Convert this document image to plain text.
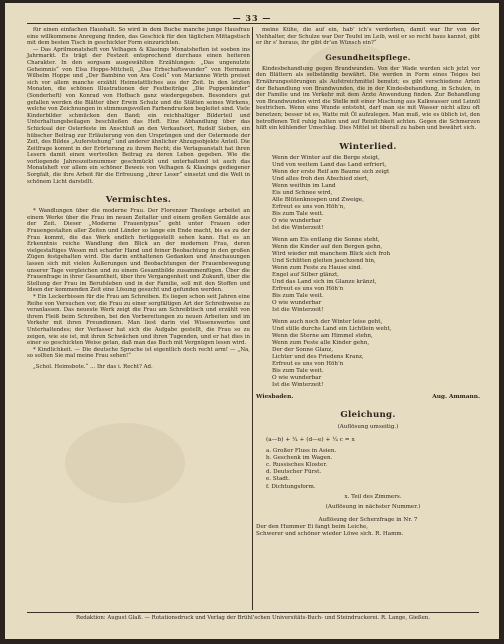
— 33 —

für einen einfachen Haushalt. So wird in dem Buche manche junge Hausfrau eine willkommene Anregung finden, das Geschick für den täglichen Mittagstisch mit dem besten Tisch in geschickter Form einzurichten.

— Das Aprilmonatsheft von Velhagen & Klasings Monatsheften ist soeben ins Jahrmarkt. Es trägt der Festzeit entsprechend durchaus einen heiteren Charakter. In den sorgsam ausgewählten Erzählungen: „Das ungenutzte Geheimnis“ von Elsa Hoppe-Mitchell, „Das Erbschaftswunder“ von Hermann Wilhelm Hoppe und „Der Bambino von Ara Coeli“ von Marianne Wirth preiset sich vor allem manche erzählt Heimstattliches aus der Zeit. In den letzten Monaten, die schönen Illustrationen der Festbeiträge „Die Puppenkinder“ (Sonderheft) von Konrad von Hofbach ganz wiedergegeben. Besonders gut gefallen werden die Blätter über Erwin Schulz und die Stätten seines Wirkens, welche von Zeichnungen in stimmungsvollen Farbendrucken begleitet sind. Viele Kinderbilder schmücken den Band; ein reichhaltiger Bilderteil und Unterhaltungsbeilagen beschließen das Heft. Eine Abhandlung über das Schicksal der Osterfeste im Anschluß an den Verkaufsort, Rudolf Sieben, ein hübscher Beitrag zur Erläuterung von den Ursprüngen und der Ostermode der Zeit, des Bildes „Auferstehung“ und anderer ähnlicher Abzugsobjekte Anteil. Die Zeitfrage kommt in der Erörterung zu ihrem Recht; die Verlagsanstalt hat ihren Lesern damit einen wertvollen Beitrag zu deren Leben gegeben. Wie die vorliegende Jahreszeitsnummer geschmückt und unterhaltend ist auch das Monatsheft vor allem ein schöner Beweis von Velhagen & Klasings gediegener Sorgfalt, die ihre Arbeit für die Erfreuung „ihrer Leser“ einsetzt und die Welt in schönem Licht darstellt.

Vermischtes.

* Wandlungen über die moderne Frau. Der Florenzer Theologe arbeitet an einem Werke über die Frau im neuen Zeitalter und einem großen Gemälde aus der Zeit. Dieser „Moderne Frauentypus“ geht unter Frauen oder Frauengestalten aller Zeiten und Länder so lange ein Ende macht, bis es zu der Frau kommt, die das Werk endlich fertiggestellt sehen kann. Hat es an Erkenntnis reiche Wandlung den Blick an der modernen Frau, deren vielgestaltiges Wesen mit scharfer Hand und feiner Beobachtung in den großen Zügen festgehalten wird. Die darin enthaltenen Gedanken und Anschauungen lassen sich mit vielen Äußerungen und Beobachtungen der Frauenbewegung unserer Tage vergleichen und zu einem Gesamtbilde zusammenfügen. Über die Frauenfrage in ihrer Gesamtheit, über ihre Vergangenheit und Zukunft, über die Stellung der Frau im Berufsleben und in der Familie, soll mit den Stoffen und Ideen der kommenden Zeit eine Lösung gesucht und gefunden werden.

* Ein Leckerbissen für die Frau am Schreiben. Es liegen schon seit Jahren eine Reihe von Versuchen vor, die Frau zu einer sorgfältigen Art der Schreibweise zu veranlassen. Das neueste Werk zeigt die Frau am Schreibtisch und erzählt von ihrem Fleiß beim Schreiben, bei den Vorbereitungen zu neuen Arbeiten und im Verkehr mit ihren Freundinnen. Man liest darin viel Wissenswertes und Unterhaltendes; der Verfasser hat sich die Aufgabe gestellt, die Frau so zu zeigen, wie sie ist, mit ihren Schwächen und ihren Tugenden, und er hat dies in einer so geschickten Weise getan, daß man das Buch mit Vergnügen lesen wird.

* Kindlichkeit. — Die deutsche Sprache ist eigentlich doch recht arm! — „Na, so sollten Sie mal meine Frau sehen!“

„Schol. Heimsbote.“ ... Ihr das i. Recht? Ad.

meine Kühe, die auf ein, hab’ ich’s verdorben, damit war Ihr von der Viehhalter, der Schulze war Der Teufel im Leib, weil er so recht haus kannst, gibt er ihr s’ heraus, ihr gibt dr’an Wünsch ein?“

Gesundheitspflege.

Kindesbehandlung gegen Brandwunden. Von der Wade wurden sich jetzt vor den Blättern als selbständig bewährt. Die werden in Form eines Teiges bei Ernährungsstörungen als Aufstreichmittel benutzt; es gibt verschiedene Arten der Behandlung von Brandwunden, die in der Kindesbehandlung, in Schulen, in der Familie und im Verkehr mit dem Arzte Anwendung finden. Zur Behandlung von Brandwunden wird die Stelle mit einer Mischung aus Kalkwasser und Leinöl bestrichen. Wenn eine Wunde entsteht, darf man sie mit Wasser nicht allzu oft benetzen; besser ist es, Watte mit Öl aufzulegen. Man muß, wie es üblich ist, den betroffenen Teil ruhig halten und auf Reinlichkeit achten. Gegen die Schmerzen hilft ein kühlender Umschlag. Dies Mittel ist überall zu haben und bewährt sich.

Winterlied.
Wenn der Winter auf die Berge steigt,
Und von weitem Land das Land erfriert,
Wenn der erste Reif am Baume sich zeigt
Und alles froh den Abschied ziert,
Wenn weithin im Land
Eis und Schnee wird,
Alle Blütenknospen und Zweige,
Erfreut es uns von Höh’n,
Bis zum Tale weit.
O wie wunderbar
Ist die Winterzeit!
Wenn am Eis entlang die Sonne steht,
Wenn die Kinder auf den Bergen gehn,
Wird wieder mit manchem Blick sich froh
Und Schlitten gleiten jauchzend hin,
Wenn zum Feste zu Hause sind.
Engel auf Silber glänzt,
Und das Land sich im Glanze kränzt,
Erfreut es uns von Höh’n
Bis zum Tale weit.
O wie wunderbar
Ist die Winterzeit!
Wenn auch noch der Winter leise geht,
Und stille durchs Land ein Lichtlein weht,
Wenn die Sterne am Himmel stehn,
Wenn zum Feste alle Kinder gehn,
Der der Sonne Glanz,
Lichter und des Friedens Kranz,
Erfreut es uns von Höh’n
Bis zum Tale weit.
O wie wunderbar
Ist die Winterzeit!
Wiesbaden.	Aug. Ammann.
Gleichung.
(Auflösung umseitig.)
(a—b) + ¼ + (d—e) + ¼ c = x
a. Großer Fluss in Asien.
b. Geschenk im Wagen.
c. Russisches Kloster.
d. Deutscher Fürst.
e. Stadt.
f. Dichtungsform.
x. Teil des Zimmers.
(Auflösung in nächster Nummer.)
Auflösung der Scherzfrage in Nr. 7
Der den Hummer Ei fangt beim Leiche,
Schwerer und schöner wieder Löwe sich. R. Hamm.
Redaktion: August Glaß. — Rotationsdruck und Verlag der Brühl’schen Universitäts-Buch- und Steindruckerei. R. Lange, Gießen.
